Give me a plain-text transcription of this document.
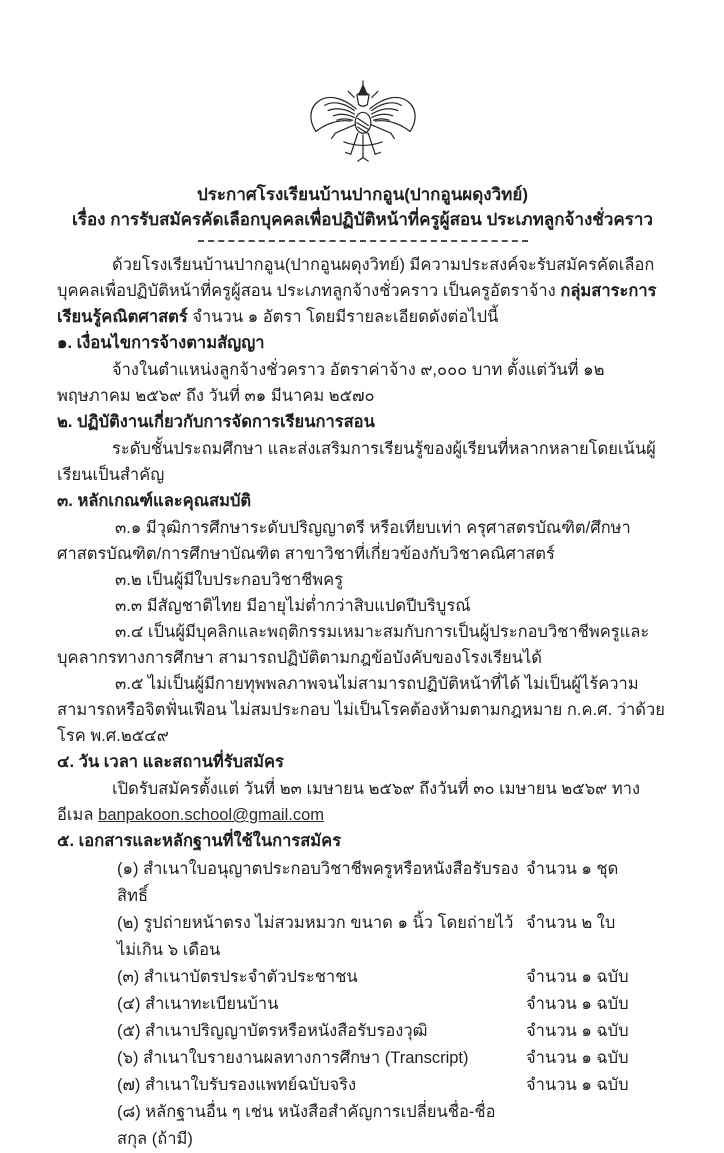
ประกาศโรงเรียนบ้านปากอูน(ปากอูนผดุงวิทย์)
เรื่อง การรับสมัครคัดเลือกบุคคลเพื่อปฏิบัติหน้าที่ครูผู้สอน ประเภทลูกจ้างชั่วคราว

ด้วยโรงเรียนบ้านปากอูน(ปากอูนผดุงวิทย์) มีความประสงค์จะรับสมัครคัดเลือกบุคคลเพื่อปฏิบัติ​หน้าที่ครูผู้สอน ประเภทลูกจ้างชั่วคราว เป็นครูอัตราจ้าง กลุ่มสาระการเรียนรู้คณิตศาสตร์ จำนวน ๑ อัตรา โดยมีรายละเอียดดังต่อไปนี้

๑. เงื่อนไขการจ้างตามสัญญา

จ้างในตำแหน่งลูกจ้างชั่วคราว อัตราค่าจ้าง ๙,๐๐๐ บาท ตั้งแต่วันที่ ๑๒ พฤษภาคม ๒๕๖๙ ถึง วันที่ ๓๑ มีนาคม ๒๕๗๐

๒. ปฏิบัติงานเกี่ยวกับการจัดการเรียนการสอน

ระดับชั้นประถมศึกษา และส่งเสริมการเรียนรู้ของผู้เรียนที่หลากหลายโดยเน้นผู้เรียนเป็นสำคัญ

๓. หลักเกณฑ์และคุณสมบัติ

๓.๑ มีวุฒิการศึกษาระดับปริญญาตรี หรือเทียบเท่า ครุศาสตรบัณฑิต/​ศึกษาศาสตรบัณฑิต/​การศึกษาบัณฑิต สาขาวิชาที่เกี่ยวข้องกับวิชาคณิศาสตร์

๓.๒ เป็นผู้มีใบประกอบวิชาชีพครู

๓.๓ มีสัญชาติไทย มีอายุไม่ต่ำกว่าสิบแปดปีบริบูรณ์

๓.๔ เป็นผู้มีบุคลิกและพฤติกรรมเหมาะสมกับการเป็นผู้ประกอบวิชาชีพครูและบุคลากรทางการศึกษา สามารถปฏิบัติตามกฎข้อบังคับของโรงเรียนได้

๓.๕ ไม่เป็นผู้มีกายทุพพลภาพจนไม่สามารถปฏิบัติหน้าที่ได้ ไม่เป็นผู้ไร้ความสามารถหรือจิตฟั่นเฟือน ไม่สมประกอบ ไม่เป็นโรคต้องห้ามตามกฎหมาย ก.ค.ศ. ว่าด้วยโรค พ.ศ.๒๕๔๙

๔. วัน เวลา และสถานที่รับสมัคร

เปิดรับสมัครตั้งแต่ วันที่ ๒๓ เมษายน ๒๕๖๙ ถึงวันที่ ๓๐ เมษายน ๒๕๖๙ ทางอีเมล banpakoon.school@gmail.com

๕. เอกสารและหลักฐานที่ใช้ในการสมัคร
(๑) สำเนาใบอนุญาตประกอบวิชาชีพครูหรือหนังสือรับรองสิทธิ์
จำนวน ๑ ชุด
(๒) รูปถ่ายหน้าตรง ไม่สวมหมวก ขนาด ๑ นิ้ว โดยถ่ายไว้ไม่เกิน ๖ เดือน
จำนวน ๒ ใบ
(๓) สำเนาบัตรประจำตัวประชาชน	จำนวน ๑ ฉบับ
(๔) สำเนาทะเบียนบ้าน	จำนวน ๑ ฉบับ
(๕) สำเนาปริญญาบัตรหรือหนังสือรับรองวุฒิ	จำนวน ๑ ฉบับ
(๖) สำเนาใบรายงานผลทางการศึกษา (Transcript)	จำนวน ๑ ฉบับ
(๗) สำเนาใบรับรองแพทย์ฉบับจริง	จำนวน ๑ ฉบับ
(๘) หลักฐานอื่น ๆ เช่น หนังสือสำคัญการเปลี่ยนชื่อ-ชื่อสกุล (ถ้ามี)
